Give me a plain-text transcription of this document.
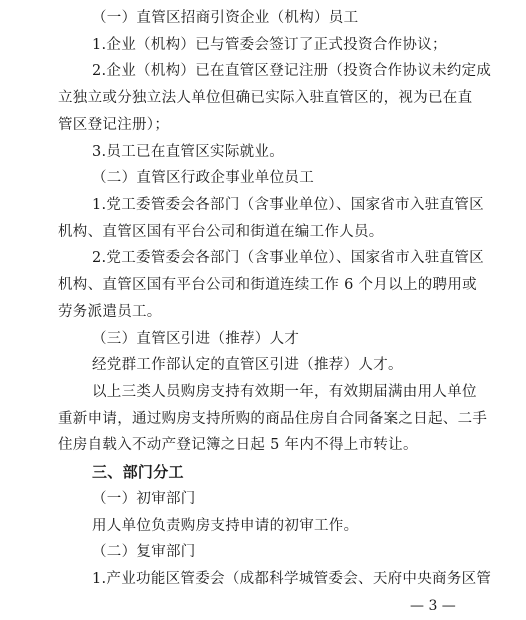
（一）直管区招商引资企业（机构）员工
1.企业（机构）已与管委会签订了正式投资合作协议；
2.企业（机构）已在直管区登记注册（投资合作协议未约定成
立独立或分独立法人单位但确已实际入驻直管区的，视为已在直
管区登记注册）；
3.员工已在直管区实际就业。
（二）直管区行政企事业单位员工
1.党工委管委会各部门（含事业单位）、国家省市入驻直管区
机构、直管区国有平台公司和街道在编工作人员。
2.党工委管委会各部门（含事业单位）、国家省市入驻直管区
机构、直管区国有平台公司和街道连续工作 6 个月以上的聘用或
劳务派遣员工。
（三）直管区引进（推荐）人才
经党群工作部认定的直管区引进（推荐）人才。
以上三类人员购房支持有效期一年，有效期届满由用人单位
重新申请，通过购房支持所购的商品住房自合同备案之日起、二手
住房自载入不动产登记簿之日起 5 年内不得上市转让。
三、部门分工
（一）初审部门
用人单位负责购房支持申请的初审工作。
（二）复审部门
1.产业功能区管委会（成都科学城管委会、天府中央商务区管
— 3 —
